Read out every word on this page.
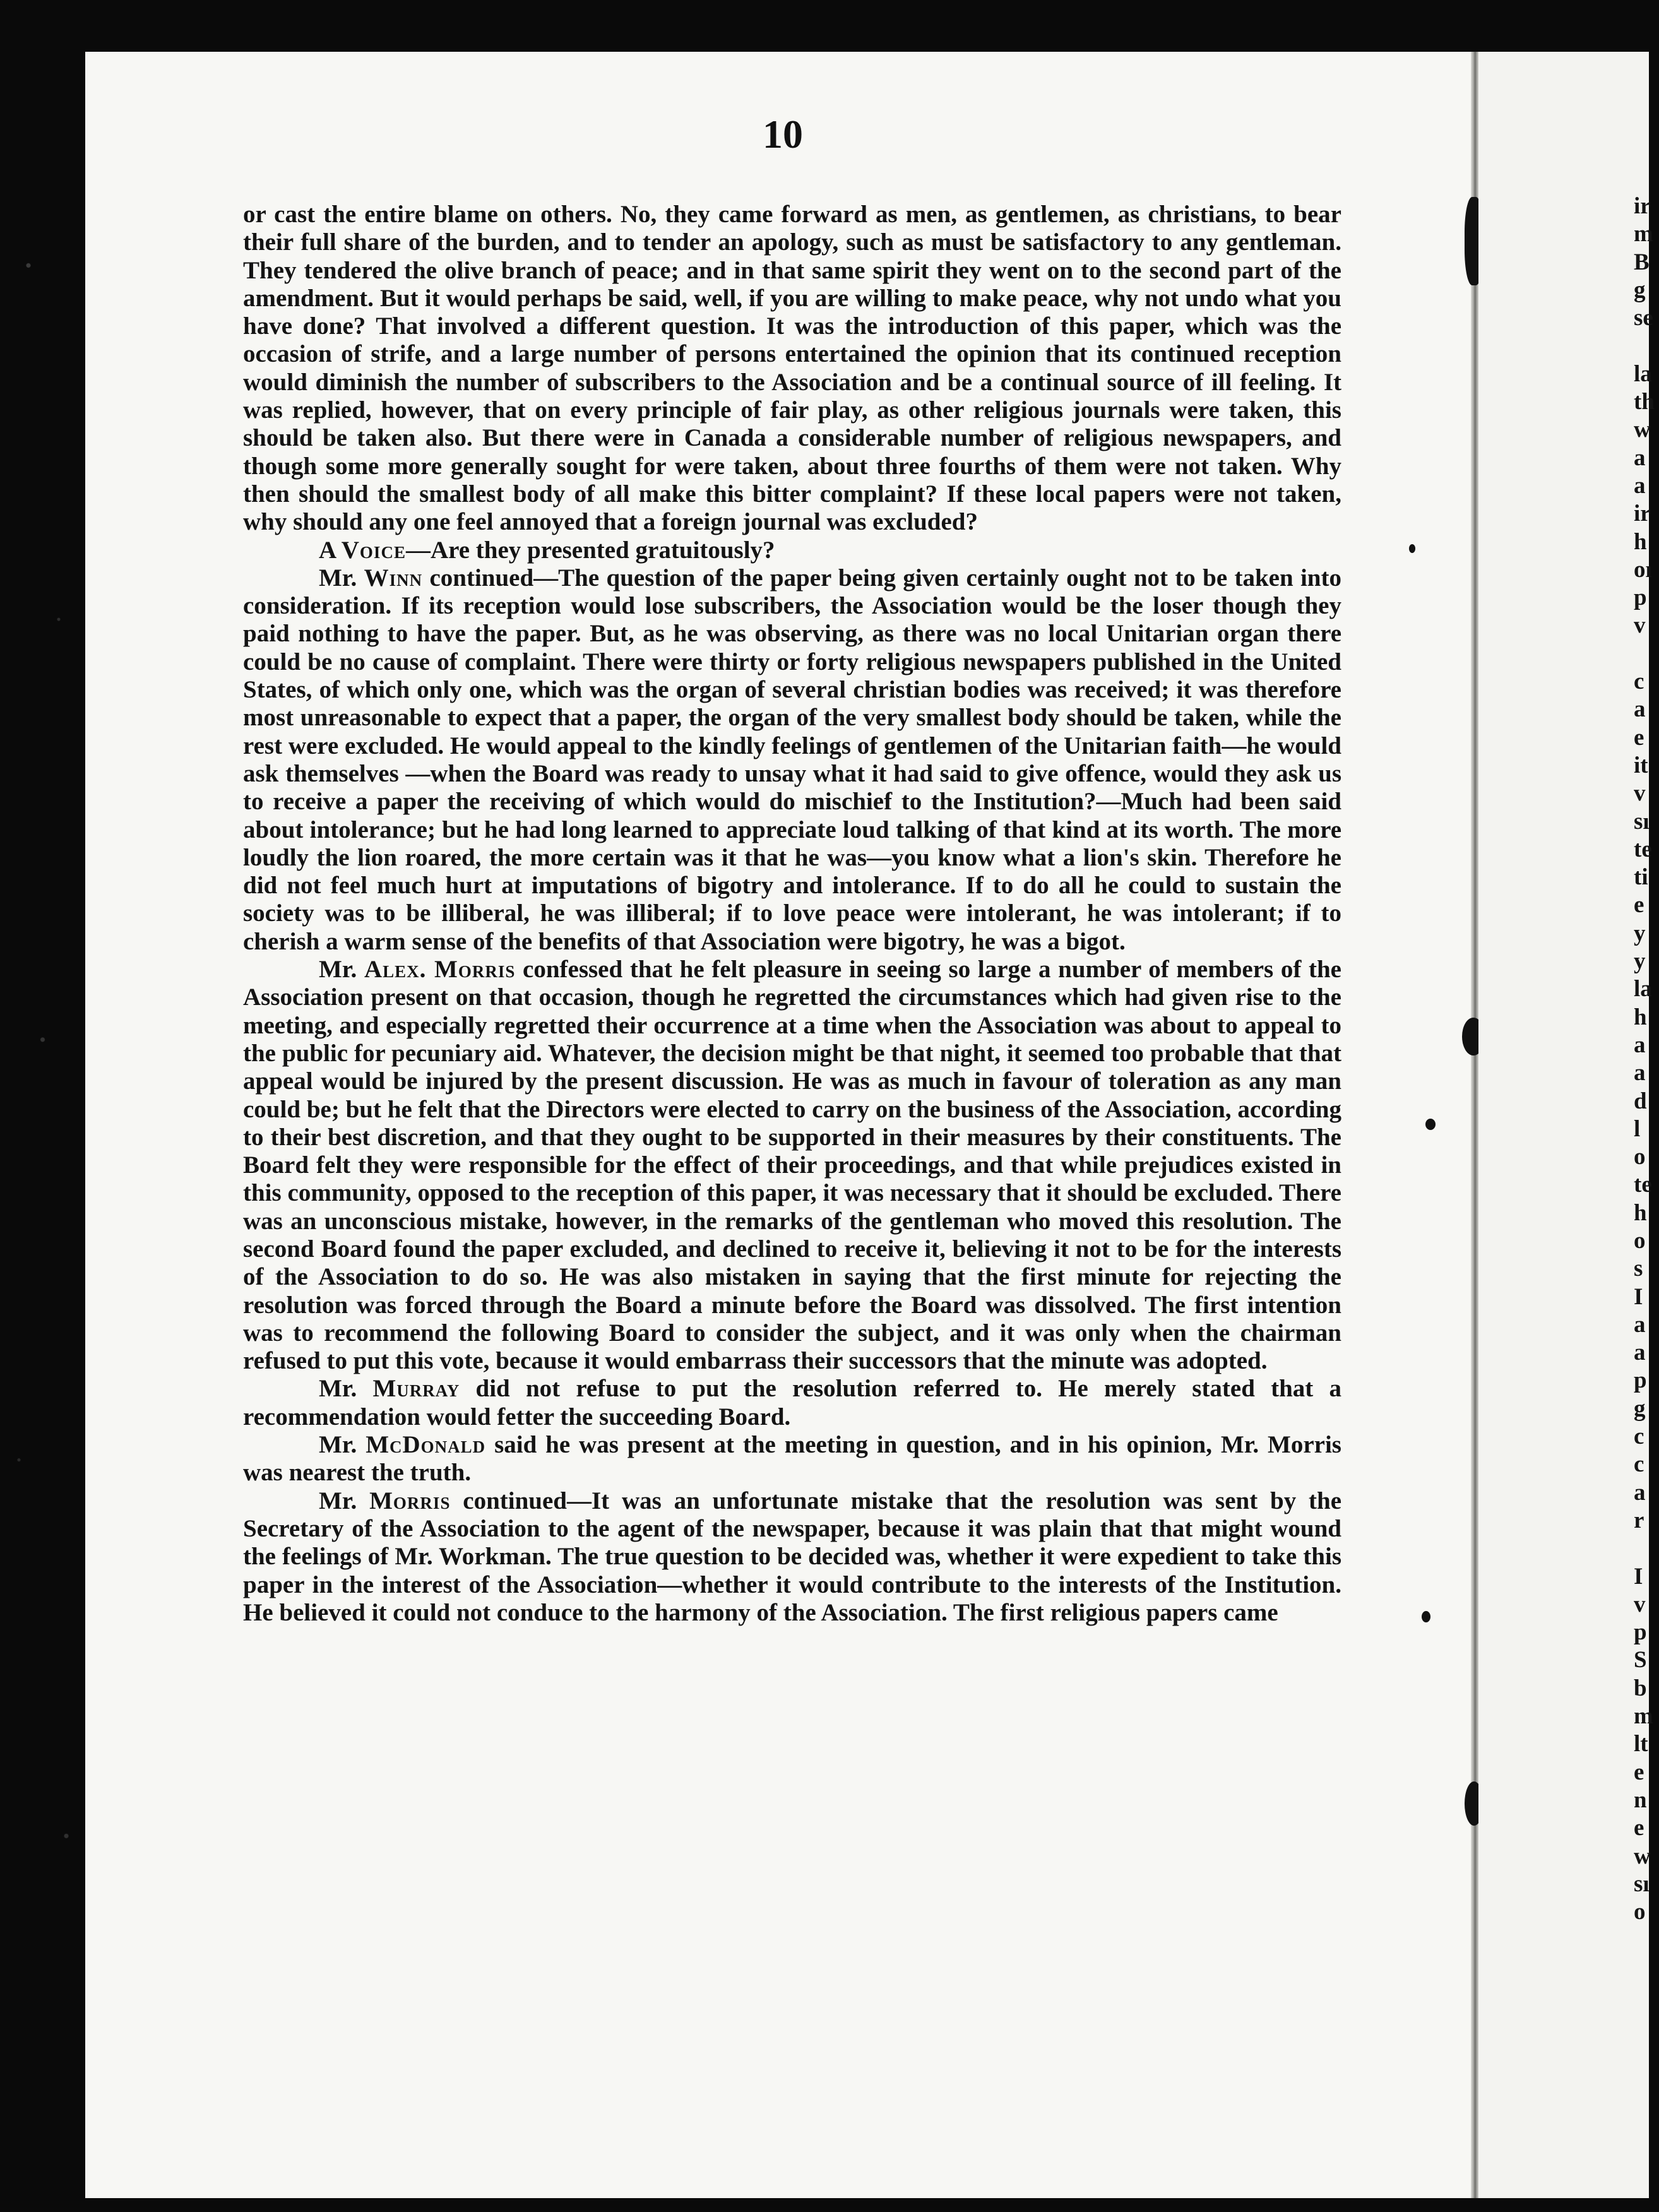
10

or cast the entire blame on others. No, they came forward as men, as gentlemen, as christians, to bear their full share of the burden, and to tender an apology, such as must be satisfactory to any gentleman. They tendered the olive branch of peace; and in that same spirit they went on to the second part of the amendment. But it would perhaps be said, well, if you are willing to make peace, why not undo what you have done? That involved a different question. It was the introduction of this paper, which was the occasion of strife, and a large number of persons entertained the opinion that its continued reception would diminish the number of subscribers to the Association and be a continual source of ill feeling. It was replied, however, that on every principle of fair play, as other religious journals were taken, this should be taken also. But there were in Canada a considerable number of religious newspapers, and though some more generally sought for were taken, about three fourths of them were not taken. Why then should the smallest body of all make this bitter complaint? If these local papers were not taken, why should any one feel annoyed that a foreign journal was excluded?

A Voice—Are they presented gratuitously?

Mr. Winn continued—The question of the paper being given certainly ought not to be taken into consideration. If its reception would lose subscribers, the Association would be the loser though they paid nothing to have the paper. But, as he was observing, as there was no local Unitarian organ there could be no cause of complaint. There were thirty or forty religious newspapers published in the United States, of which only one, which was the organ of several christian bodies was received; it was therefore most unreasonable to expect that a paper, the organ of the very smallest body should be taken, while the rest were excluded. He would appeal to the kindly feelings of gentlemen of the Unitarian faith—he would ask themselves —when the Board was ready to unsay what it had said to give offence, would they ask us to receive a paper the receiving of which would do mischief to the Institution?—Much had been said about intolerance; but he had long learned to appreciate loud talking of that kind at its worth. The more loudly the lion roared, the more certain was it that he was—you know what a lion's skin. Therefore he did not feel much hurt at imputations of bigotry and intolerance. If to do all he could to sustain the society was to be illiberal, he was illiberal; if to love peace were intolerant, he was intolerant; if to cherish a warm sense of the benefits of that Association were bigotry, he was a bigot.

Mr. Alex. Morris confessed that he felt pleasure in seeing so large a number of members of the Association present on that occasion, though he regretted the circumstances which had given rise to the meeting, and especially regretted their occurrence at a time when the Association was about to appeal to the public for pecuniary aid. Whatever, the decision might be that night, it seemed too probable that that appeal would be injured by the present discussion. He was as much in favour of toleration as any man could be; but he felt that the Directors were elected to carry on the business of the Association, according to their best discretion, and that they ought to be supported in their measures by their constituents. The Board felt they were responsible for the effect of their proceedings, and that while prejudices existed in this community, opposed to the reception of this paper, it was necessary that it should be excluded. There was an unconscious mistake, however, in the remarks of the gentleman who moved this resolution. The second Board found the paper excluded, and declined to receive it, believing it not to be for the interests of the Association to do so. He was also mistaken in saying that the first minute for rejecting the resolution was forced through the Board a minute before the Board was dissolved. The first intention was to recommend the following Board to consider the subject, and it was only when the chairman refused to put this vote, because it would embarrass their successors that the minute was adopted.

Mr. Murray did not refuse to put the resolution referred to. He merely stated that a recommendation would fetter the succeeding Board.

Mr. McDonald said he was present at the meeting in question, and in his opinion, Mr. Morris was nearest the truth.

Mr. Morris continued—It was an unfortunate mistake that the resolution was sent by the Secretary of the Association to the agent of the newspaper, because it was plain that that might wound the feelings of Mr. Workman. The true question to be decided was, whether it were expedient to take this paper in the interest of the Association—whether it would contribute to the interests of the Institution. He believed it could not conduce to the harmony of the Association. The first religious papers came

ir
m
B
g
se
la
th
w
a
a
ir
h
oı
p
v
c
a
e
it
v
sı
te
ti
e
y
y
la
h
a
a
d
l
o
te
h
o
s
I
a
a
p
g
c
c
a
r
I
v
p
S
b
m
lt
e
n
e
w
sı
o
